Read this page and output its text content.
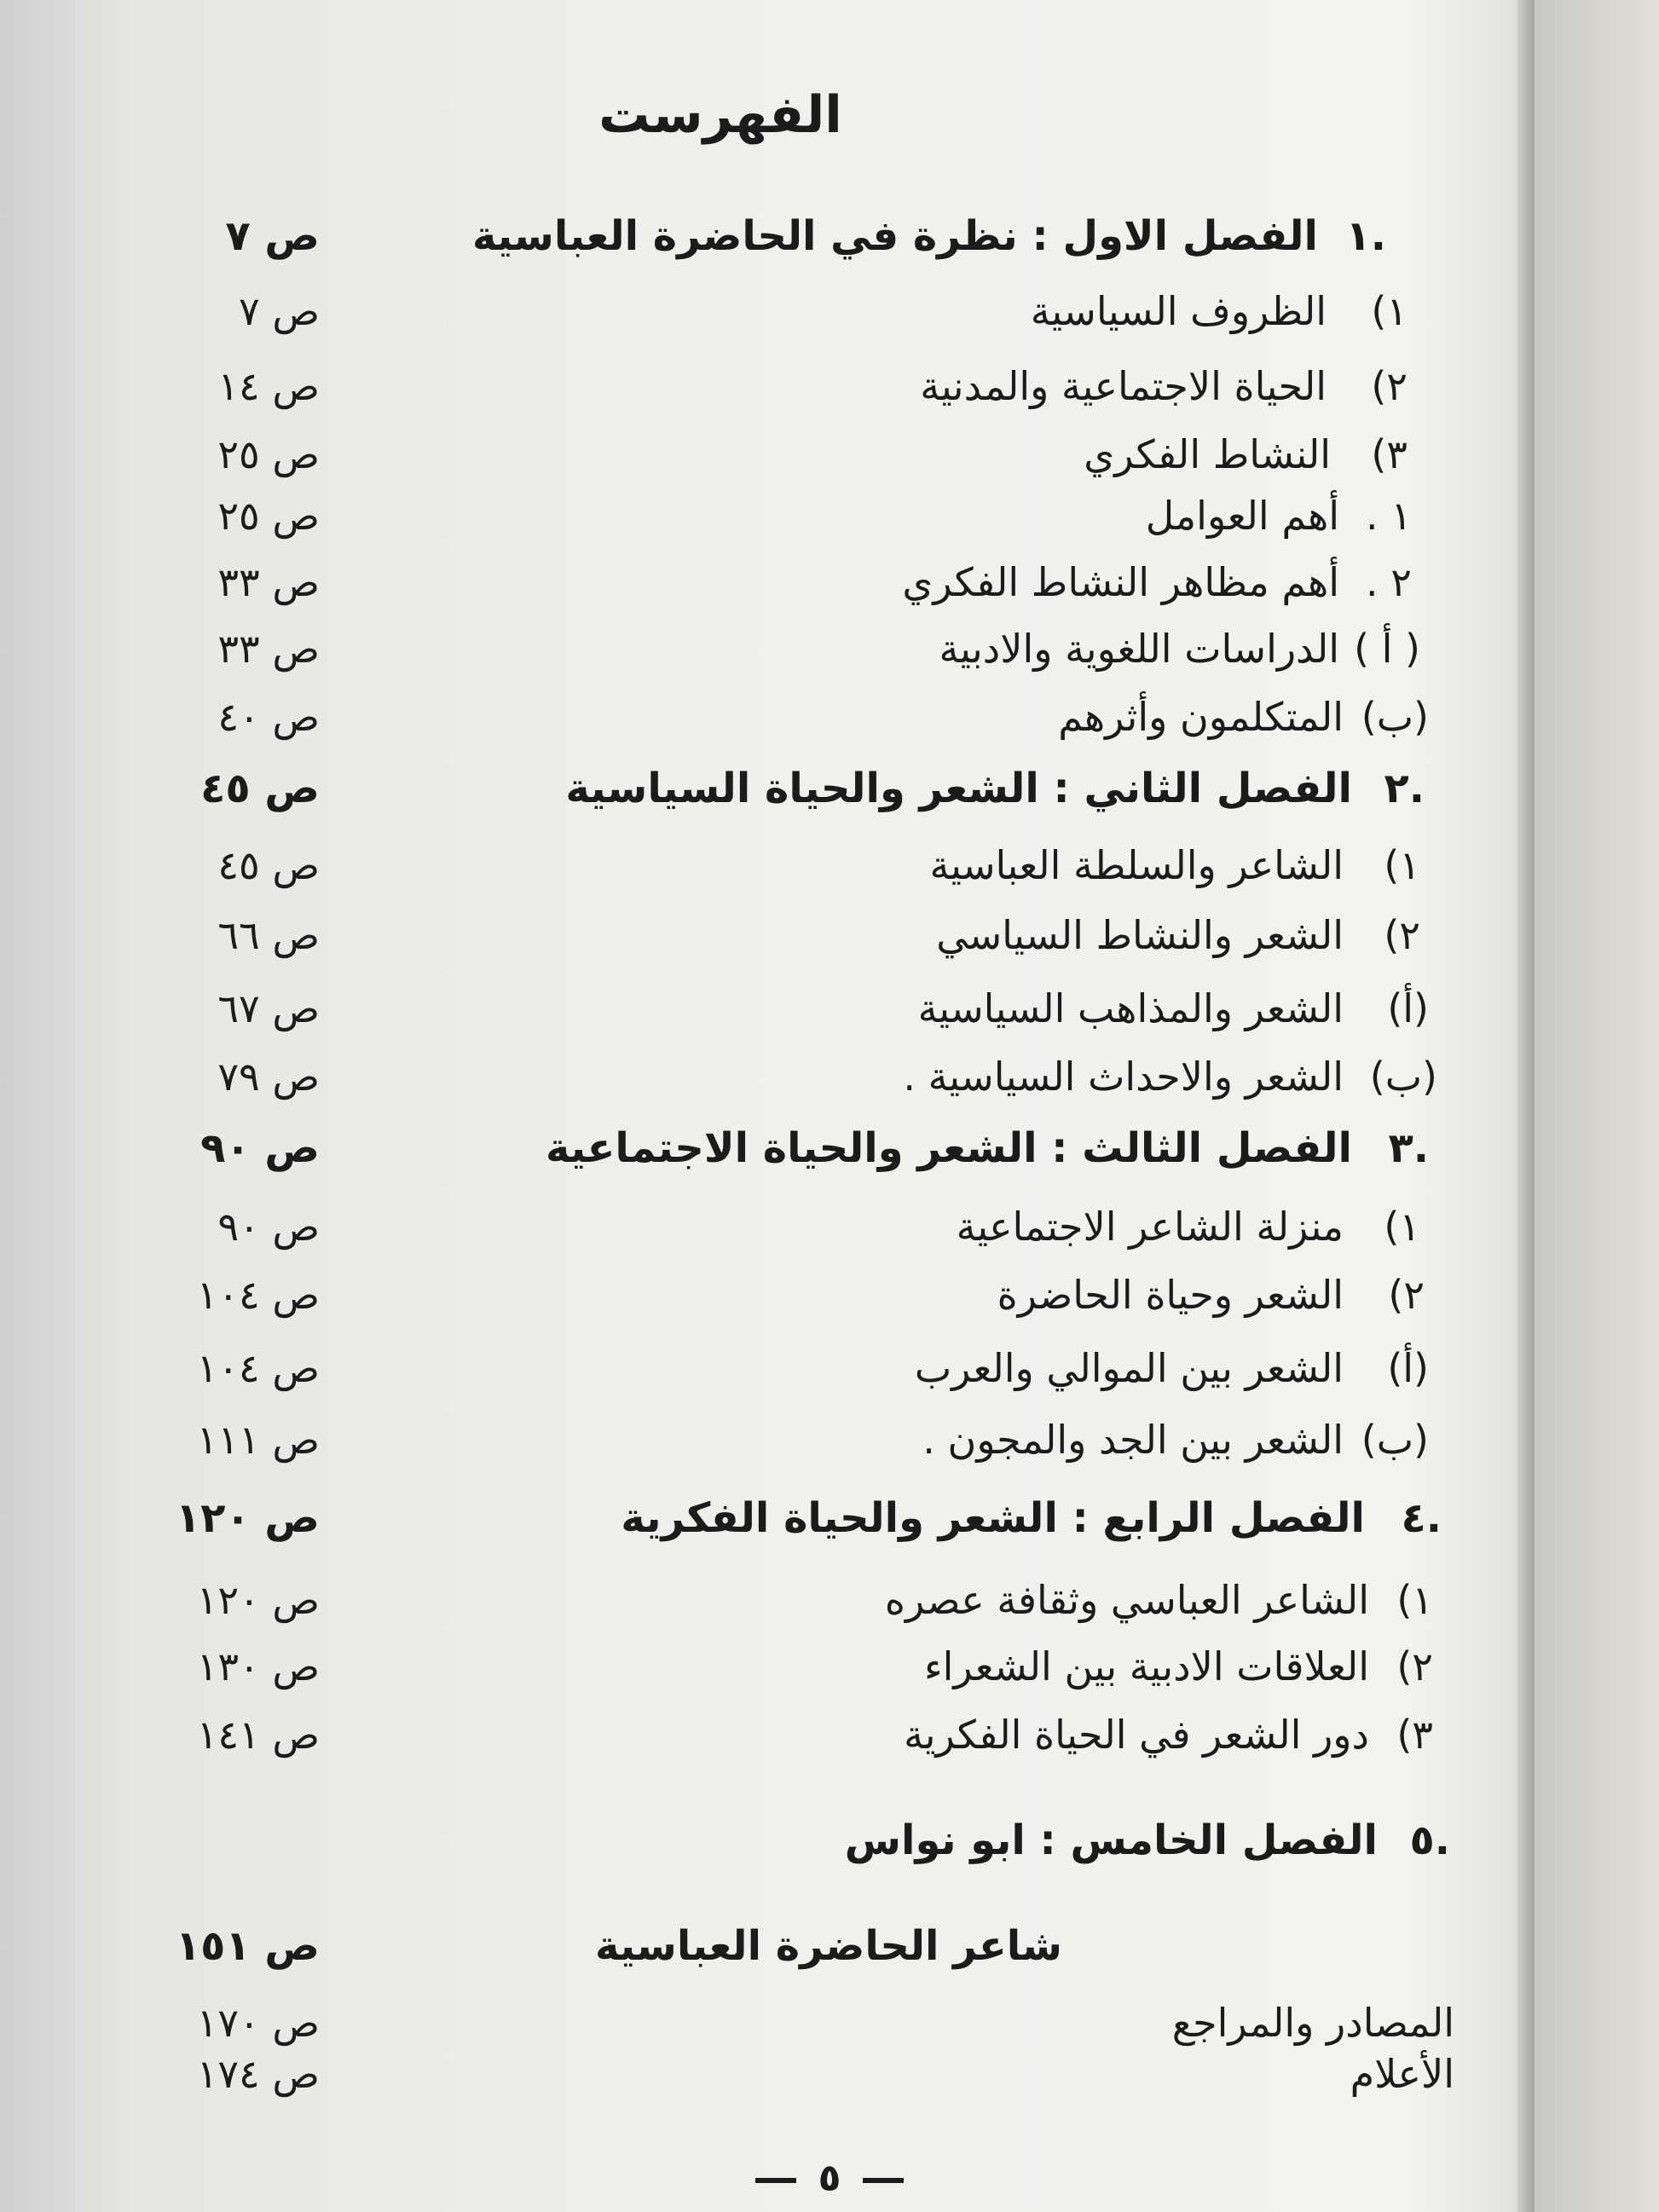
الفهرست
.١
الفصل الاول : نظرة في الحاضرة العباسية
ص ٧
١)
الظروف السياسية
ص ٧
٢)
الحياة الاجتماعية والمدنية
ص ١٤
٣)
النشاط الفكري
ص ٢٥
١ .
أهم العوامل
ص ٢٥
٢ .
أهم مظاهر النشاط الفكري
ص ٣٣
( أ )
الدراسات اللغوية والادبية
ص ٣٣
(ب)
المتكلمون وأثرهم
ص ٤٠
.٢
الفصل الثاني : الشعر والحياة السياسية
ص ٤٥
١)
الشاعر والسلطة العباسية
ص ٤٥
٢)
الشعر والنشاط السياسي
ص ٦٦
(أ)
الشعر والمذاهب السياسية
ص ٦٧
(ب)
الشعر والاحداث السياسية .
ص ٧٩
.٣
الفصل الثالث : الشعر والحياة الاجتماعية
ص ٩٠
١)
منزلة الشاعر الاجتماعية
ص ٩٠
٢)
الشعر وحياة الحاضرة
ص ١٠٤
(أ)
الشعر بين الموالي والعرب
ص ١٠٤
(ب)
الشعر بين الجد والمجون .
ص ١١١
.٤
الفصل الرابع : الشعر والحياة الفكرية
ص ١٢٠
١)
الشاعر العباسي وثقافة عصره
ص ١٢٠
٢)
العلاقات الادبية بين الشعراء
ص ١٣٠
٣)
دور الشعر في الحياة الفكرية
ص ١٤١
.٥
الفصل الخامس : ابو نواس
شاعر الحاضرة العباسية
ص ١٥١
المصادر والمراجع
ص ١٧٠
الأعلام
ص ١٧٤
٥
